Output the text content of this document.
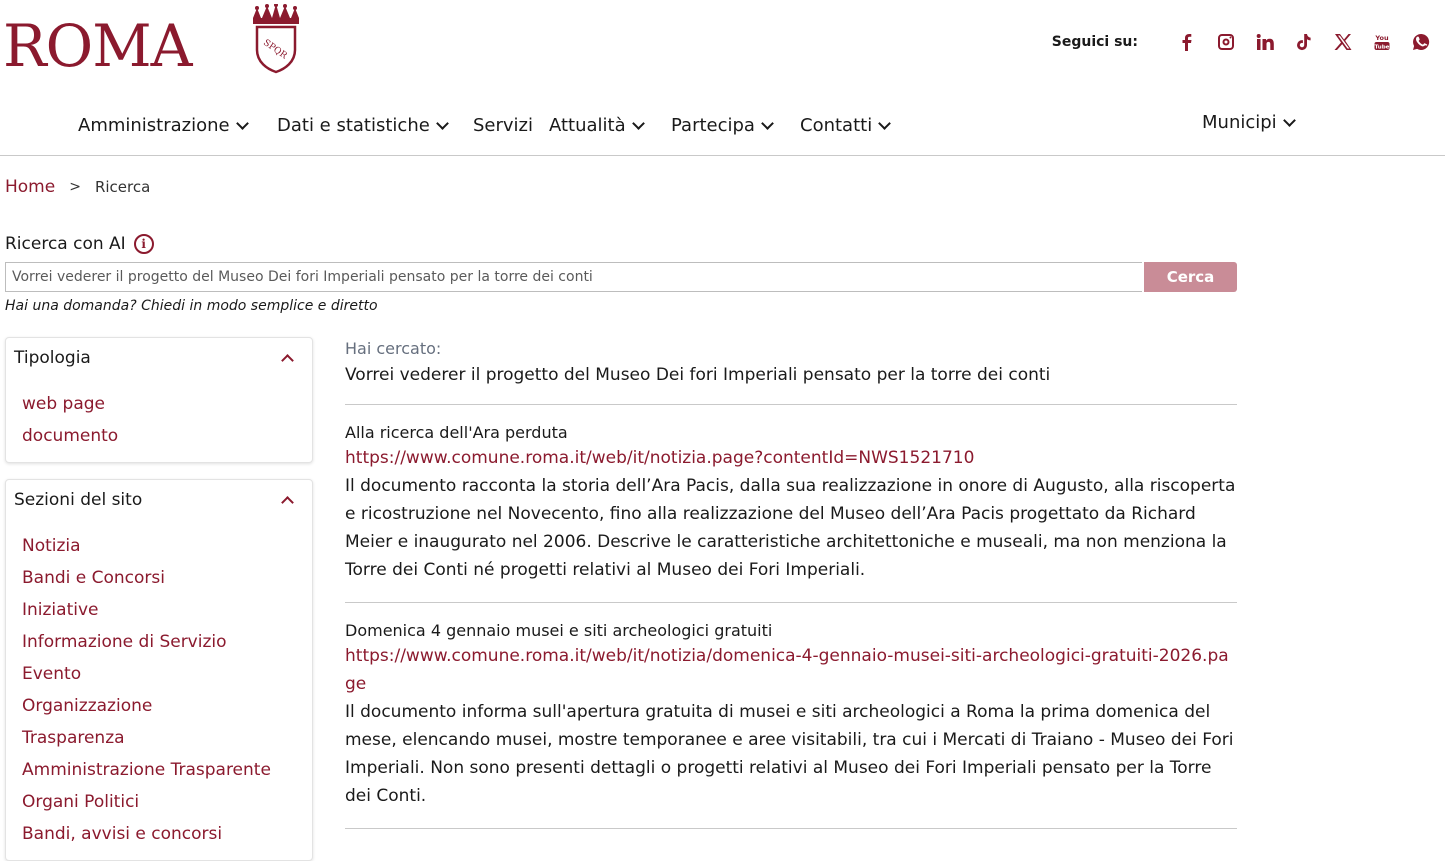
ROMA	SPQR	Seguici su:	You
Tube
Amministrazione	Dati e statistiche Servizi Attualità	Partecipa	Contatti	Municipi
Home > Ricerca
Ricerca con AI	i
Vorrei vederer il progetto del Museo Dei fori Imperiali pensato per la torre dei conti	Cerca
Hai una domanda? Chiedi in modo semplice e diretto
Tipologia
web page
documento
Sezioni del sito
Notizia
Bandi e Concorsi
Iniziative
Informazione di Servizio
Evento
Organizzazione
Trasparenza
Amministrazione Trasparente
Organi Politici
Bandi, avvisi e concorsi
Hai cercato:
Vorrei vederer il progetto del Museo Dei fori Imperiali pensato per la torre dei conti
Alla ricerca dell'Ara perduta
https://www.comune.roma.it/web/it/notizia.page?contentId=NWS1521710
Il documento racconta la storia dell’Ara Pacis, dalla sua realizzazione in onore di Augusto, alla riscoperta e ricostruzione nel Novecento, fino alla realizzazione del Museo dell’Ara Pacis progettato da Richard Meier e inaugurato nel 2006. Descrive le caratteristiche architettoniche e museali, ma non menziona la Torre dei Conti né progetti relativi al Museo dei Fori Imperiali.
Domenica 4 gennaio musei e siti archeologici gratuiti
https://www.comune.roma.it/web/it/notizia/domenica-4-gennaio-musei-siti-archeologici-gratuiti-2026.page
Il documento informa sull'apertura gratuita di musei e siti archeologici a Roma la prima domenica del mese, elencando musei, mostre temporanee e aree visitabili, tra cui i Mercati di Traiano - Museo dei Fori Imperiali. Non sono presenti dettagli o progetti relativi al Museo dei Fori Imperiali pensato per la Torre dei Conti.
